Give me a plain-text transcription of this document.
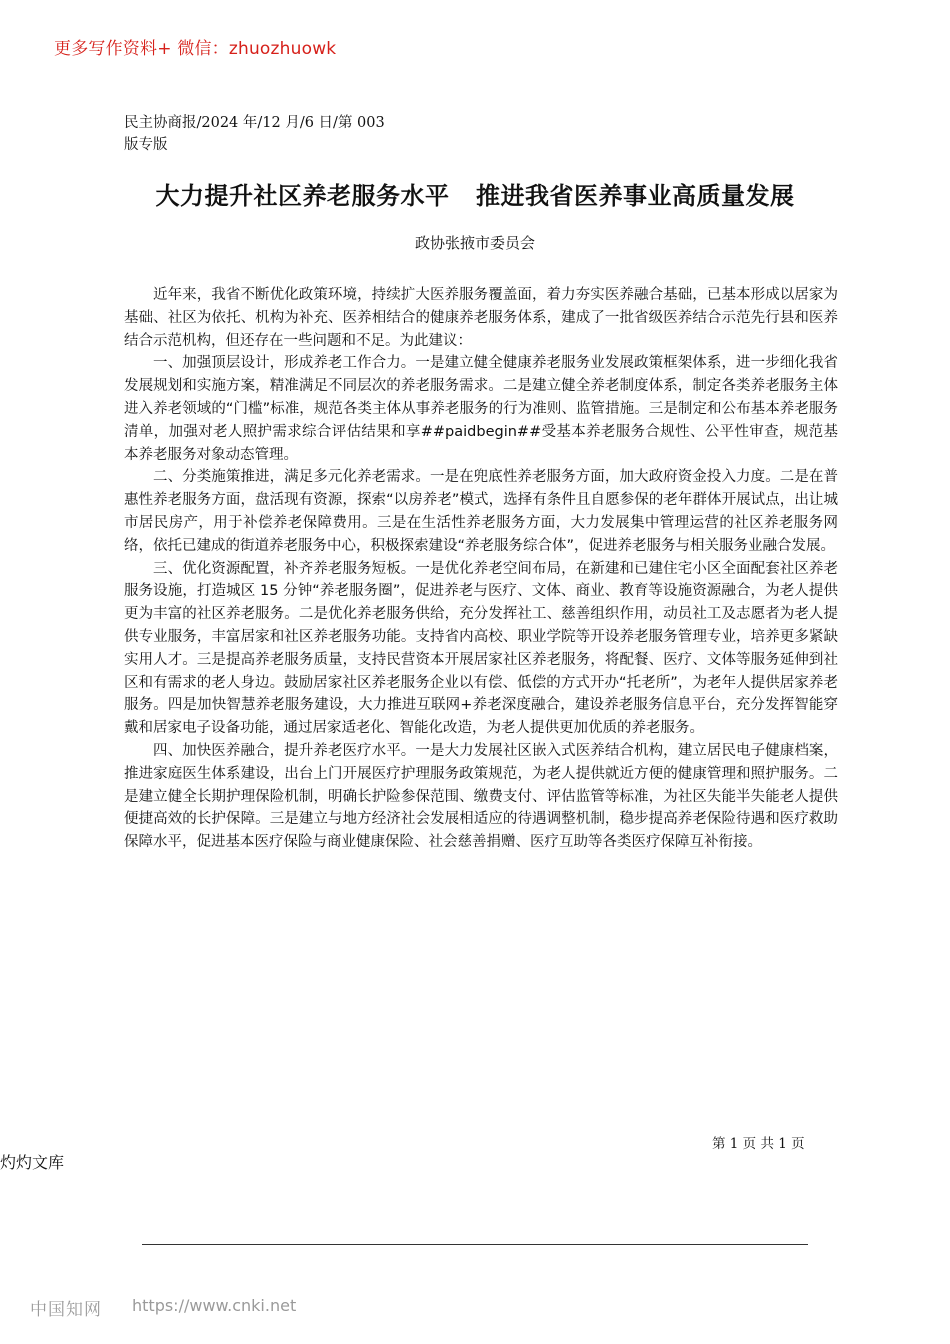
更多写作资料+ 微信：zhuozhuowk
民主协商报/2024 年/12 月/6 日/第 003
版专版
大力提升社区养老服务水平   推进我省医养事业高质量发展
政协张掖市委员会

近年来，我省不断优化政策环境，持续扩大医养服务覆盖面，着力夯实医养融合基础，已基本形成以居家为基础、社区为依托、机构为补充、医养相结合的健康养老服务体系，建成了一批省级医养结合示范先行县和医养结合示范机构，但还存在一些问题和不足。为此建议：

一、加强顶层设计，形成养老工作合力。一是建立健全健康养老服务业发展政策框架体系，进一步细化我省发展规划和实施方案，精准满足不同层次的养老服务需求。二是建立健全养老制度体系，制定各类养老服务主体进入养老领域的“门槛”标准，规范各类主体从事养老服务的行为准则、监管措施。三是制定和公布基本养老服务清单，加强对老人照护需求综合评估结果和享##paidbegin##受基本养老服务合规性、公平性审查，规范基本养老服务对象动态管理。

二、分类施策推进，满足多元化养老需求。一是在兜底性养老服务方面，加大政府资金投入力度。二是在普惠性养老服务方面，盘活现有资源，探索“以房养老”模式，选择有条件且自愿参保的老年群体开展试点，出让城市居民房产，用于补偿养老保障费用。三是在生活性养老服务方面，大力发展集中管理运营的社区养老服务网络，依托已建成的街道养老服务中心，积极探索建设“养老服务综合体”，促进养老服务与相关服务业融合发展。

三、优化资源配置，补齐养老服务短板。一是优化养老空间布局，在新建和已建住宅小区全面配套社区养老服务设施，打造城区 15 分钟“养老服务圈”，促进养老与医疗、文体、商业、教育等设施资源融合，为老人提供更为丰富的社区养老服务。二是优化养老服务供给，充分发挥社工、慈善组织作用，动员社工及志愿者为老人提供专业服务，丰富居家和社区养老服务功能。支持省内高校、职业学院等开设养老服务管理专业，培养更多紧缺实用人才。三是提高养老服务质量，支持民营资本开展居家社区养老服务，将配餐、医疗、文体等服务延伸到社区和有需求的老人身边。鼓励居家社区养老服务企业以有偿、低偿的方式开办“托老所”，为老年人提供居家养老服务。四是加快智慧养老服务建设，大力推进互联网+养老深度融合，建设养老服务信息平台，充分发挥智能穿戴和居家电子设备功能，通过居家适老化、智能化改造，为老人提供更加优质的养老服务。

四、加快医养融合，提升养老医疗水平。一是大力发展社区嵌入式医养结合机构，建立居民电子健康档案，推进家庭医生体系建设，出台上门开展医疗护理服务政策规范，为老人提供就近方便的健康管理和照护服务。二是建立健全长期护理保险机制，明确长护险参保范围、缴费支付、评估监管等标准，为社区失能半失能老人提供便捷高效的长护保障。三是建立与地方经济社会发展相适应的待遇调整机制，稳步提高养老保险待遇和医疗救助保障水平，促进基本医疗保险与商业健康保险、社会慈善捐赠、医疗互助等各类医疗保障互补衔接。

第 1 页 共 1 页
灼灼文库
中国知网 https://www.cnki.net
